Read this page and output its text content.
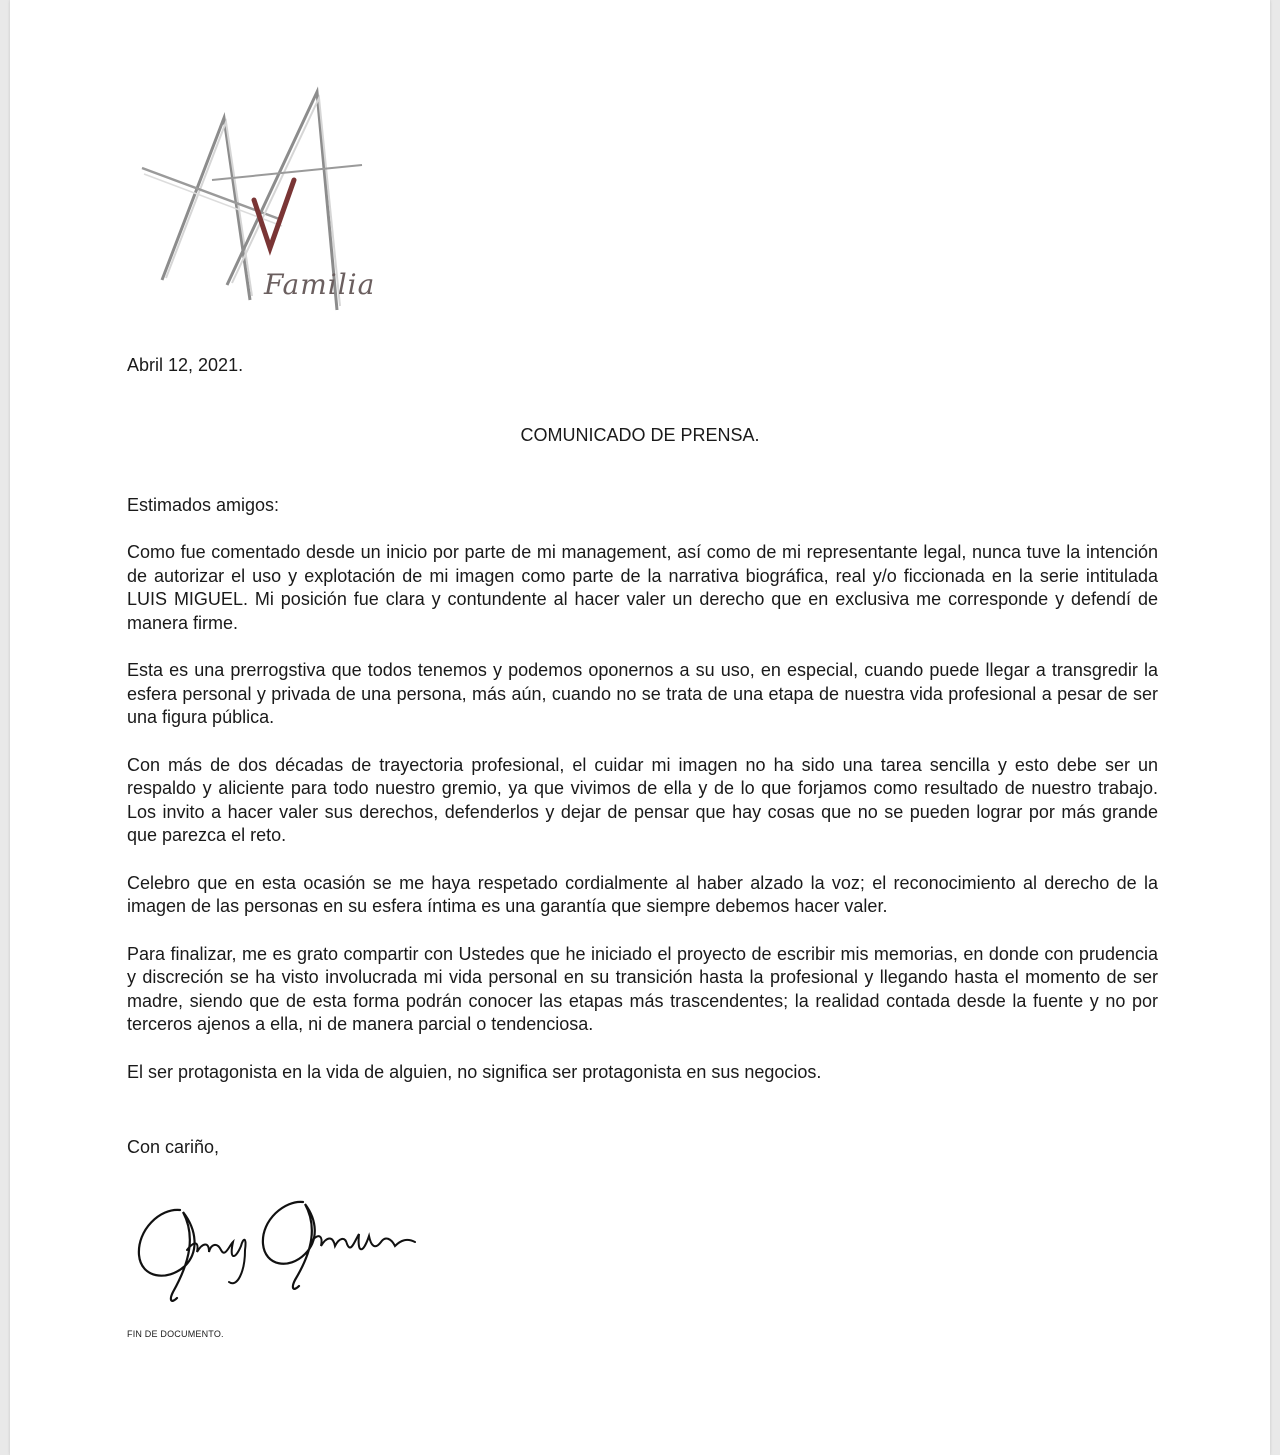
Familia
Abril 12, 2021.
COMUNICADO DE PRENSA.
Estimados amigos:

Como fue comentado desde un inicio por parte de mi management, así como de mi representante legal, nunca tuve la intención de autorizar el uso y explotación de mi imagen como parte de la narrativa biográfica, real y/o ficcionada en la serie intitulada LUIS MIGUEL. Mi posición fue clara y contundente al hacer valer un derecho que en exclusiva me corresponde y defendí de manera firme.

Esta es una prerrogstiva que todos tenemos y podemos oponernos a su uso, en especial, cuando puede llegar a transgredir la esfera personal y privada de una persona, más aún, cuando no se trata de una etapa de nuestra vida profesional a pesar de ser una figura pública.

Con más de dos décadas de trayectoria profesional, el cuidar mi imagen no ha sido una tarea sencilla y esto debe ser un respaldo y aliciente para todo nuestro gremio, ya que vivimos de ella y de lo que forjamos como resultado de nuestro trabajo. Los invito a hacer valer sus derechos, defenderlos y dejar de pensar que hay cosas que no se pueden lograr por más grande que parezca el reto.

Celebro que en esta ocasión se me haya respetado cordialmente al haber alzado la voz; el reconocimiento al derecho de la imagen de las personas en su esfera íntima es una garantía que siempre debemos hacer valer.

Para finalizar, me es grato compartir con Ustedes que he iniciado el proyecto de escribir mis memorias, en donde con prudencia y discreción se ha visto involucrada mi vida personal en su transición hasta la profesional y llegando hasta el momento de ser madre, siendo que de esta forma podrán conocer las etapas más trascendentes; la realidad contada desde la fuente y no por terceros ajenos a ella, ni de manera parcial o tendenciosa.

El ser protagonista en la vida de alguien, no significa ser protagonista en sus negocios.

Con cariño,
FIN DE DOCUMENTO.
